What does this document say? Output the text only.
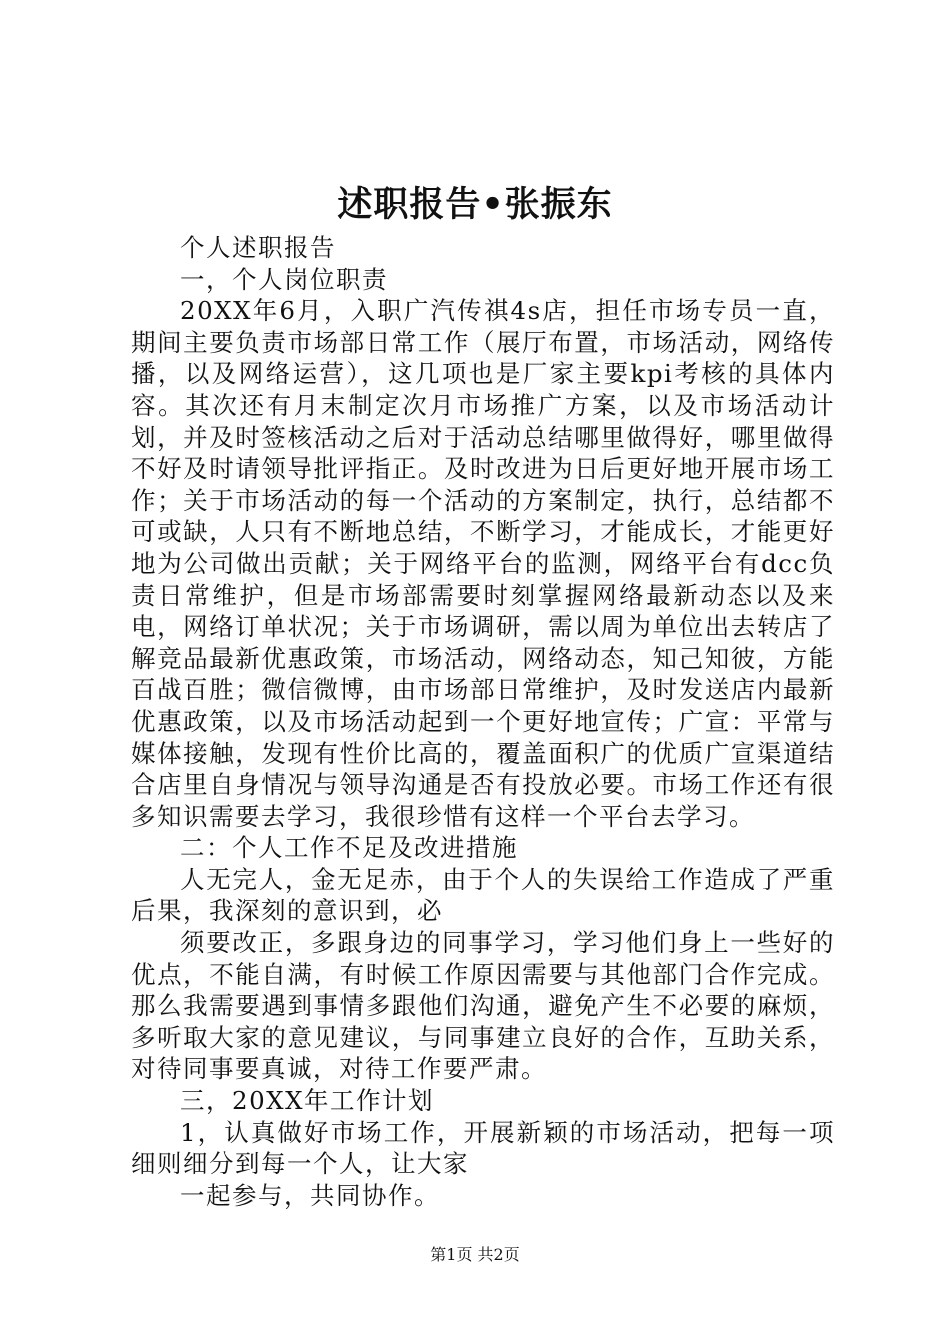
述职报告•张振东

个人述职报告

一，个人岗位职责

20XX年6月，入职广汽传祺4s店，担任市场专员一直，期间主要负责市场部日常工作（展厅布置，市场活动，网络传播，以及网络运营），这几项也是厂家主要kpi考核的具体内容。其次还有月末制定次月市场推广方案，以及市场活动计划，并及时签核活动之后对于活动总结哪里做得好，哪里做得不好及时请领导批评指正。及时改进为日后更好地开展市场工作；关于市场活动的每一个活动的方案制定，执行，总结都不可或缺，人只有不断地总结，不断学习，才能成长，才能更好地为公司做出贡献；关于网络平台的监测，网络平台有dcc负责日常维护，但是市场部需要时刻掌握网络最新动态以及来电，网络订单状况；关于市场调研，需以周为单位出去转店了解竞品最新优惠政策，市场活动，网络动态，知己知彼，方能百战百胜；微信微博，由市场部日常维护，及时发送店内最新优惠政策，以及市场活动起到一个更好地宣传；广宣：平常与媒体接触，发现有性价比高的，覆盖面积广的优质广宣渠道结合店里自身情况与领导沟通是否有投放必要。市场工作还有很多知识需要去学习，我很珍惜有这样一个平台去学习。

二：个人工作不足及改进措施

人无完人，金无足赤，由于个人的失误给工作造成了严重后果，我深刻的意识到，必

须要改正，多跟身边的同事学习，学习他们身上一些好的优点，不能自满，有时候工作原因需要与其他部门合作完成。那么我需要遇到事情多跟他们沟通，避免产生不必要的麻烦，多听取大家的意见建议，与同事建立良好的合作，互助关系，对待同事要真诚，对待工作要严肃。

三，20XX年工作计划

1，认真做好市场工作，开展新颖的市场活动，把每一项细则细分到每一个人，让大家

一起参与，共同协作。

第1页 共2页
